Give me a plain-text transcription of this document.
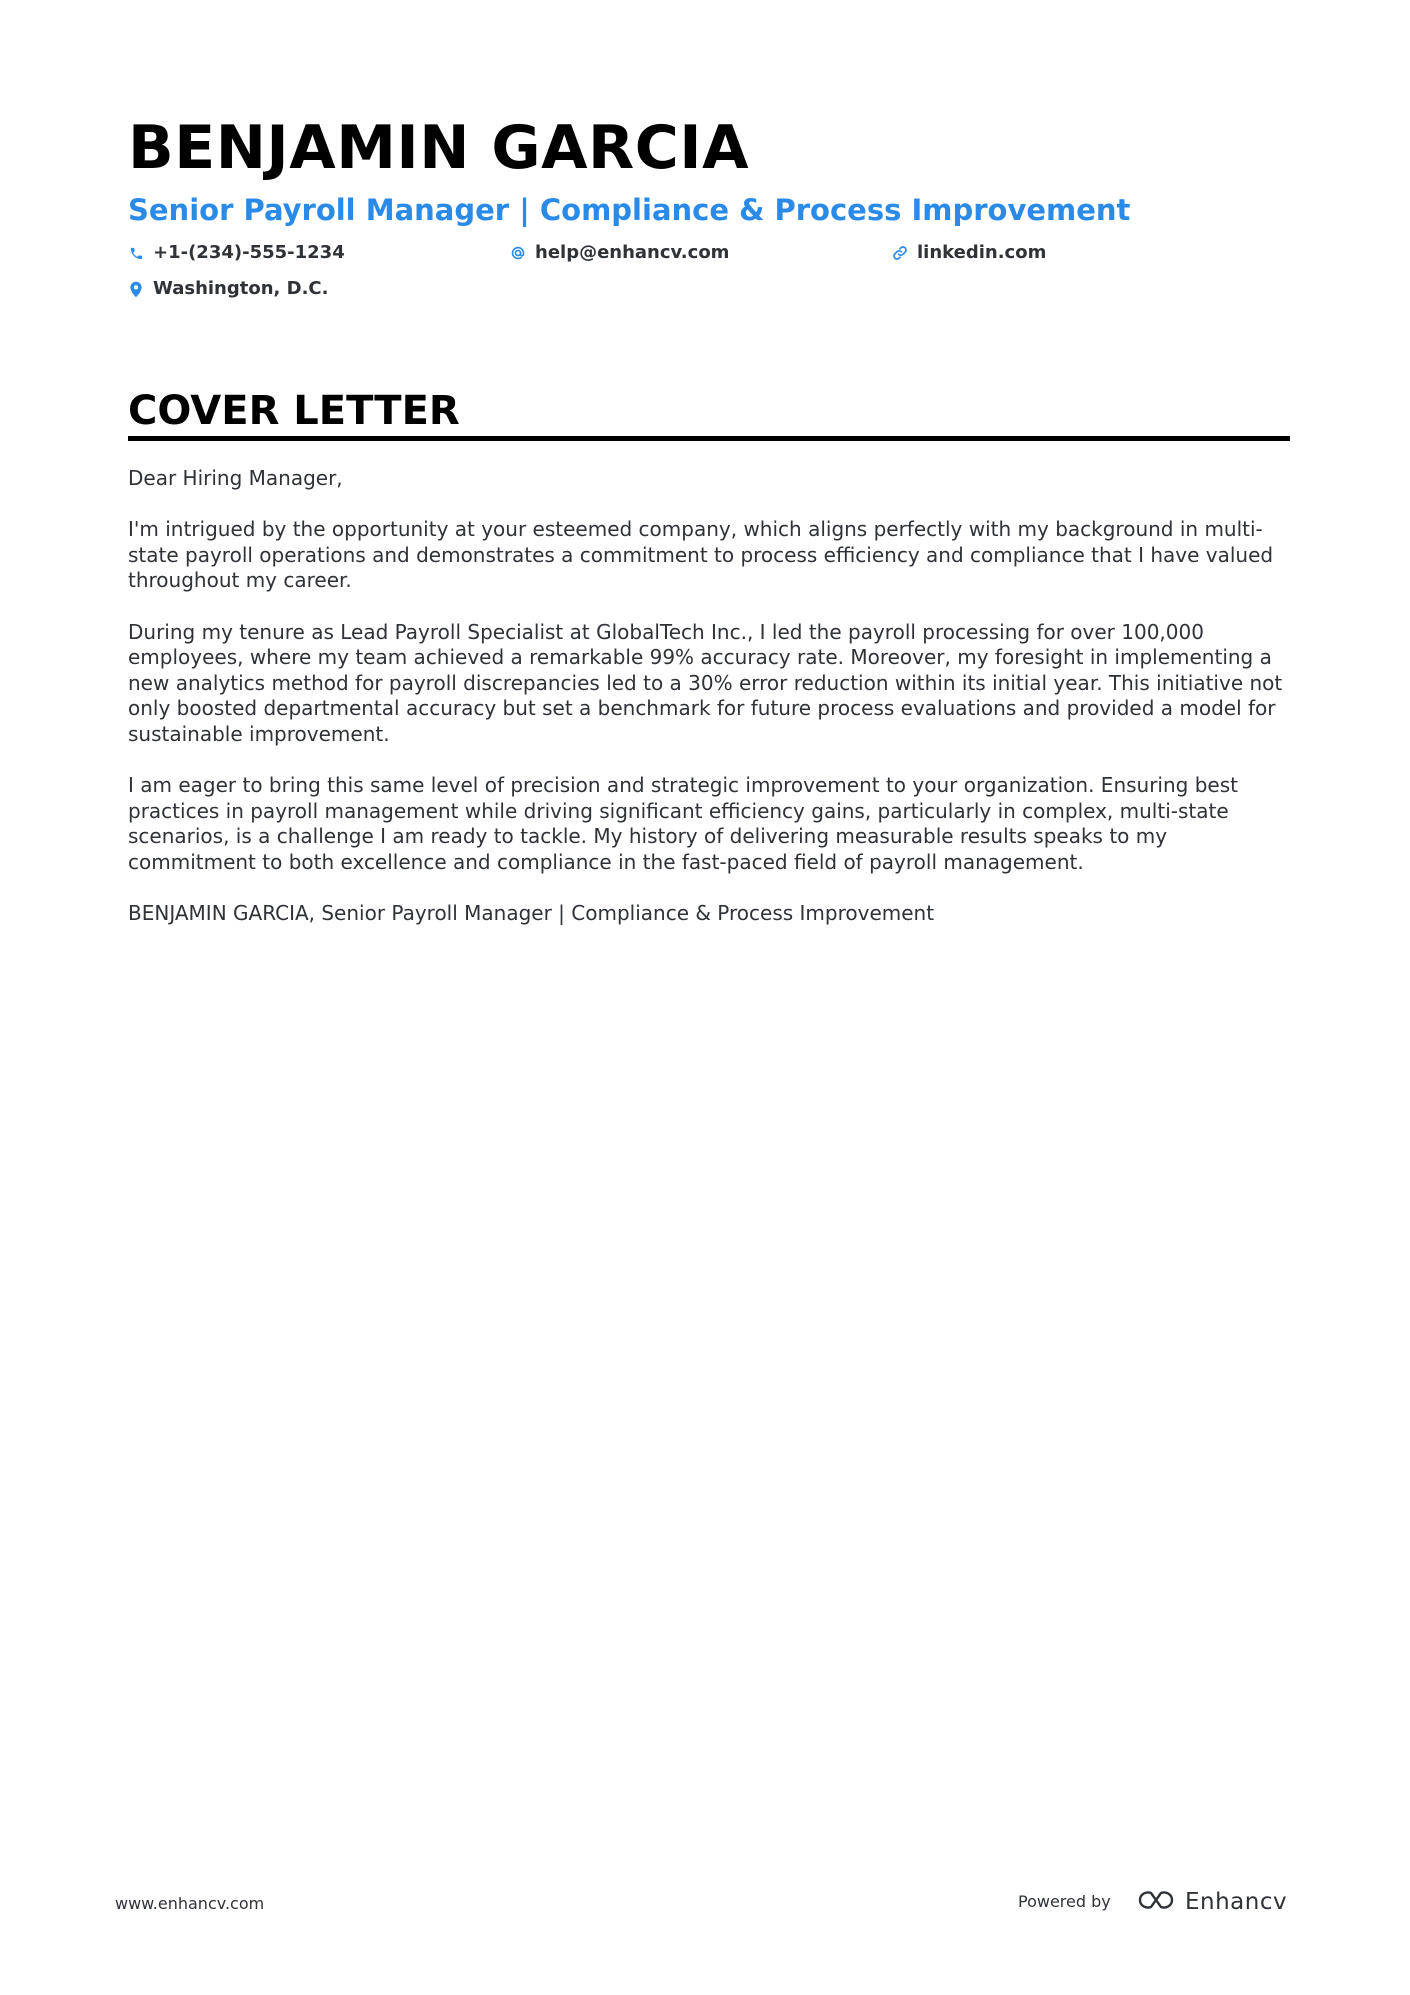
BENJAMIN GARCIA
Senior Payroll Manager | Compliance & Process Improvement
+1-(234)-555-1234	help@enhancv.com	linkedin.com
Washington, D.C.
COVER LETTER

Dear Hiring Manager,

I'm intrigued by the opportunity at your esteemed company, which aligns perfectly with my background in multi-state payroll operations and demonstrates a commitment to process efficiency and compliance that I have valued throughout my career.

During my tenure as Lead Payroll Specialist at GlobalTech Inc., I led the payroll processing for over 100,000 employees, where my team achieved a remarkable 99% accuracy rate. Moreover, my foresight in implementing a new analytics method for payroll discrepancies led to a 30% error reduction within its initial year. This initiative not only boosted departmental accuracy but set a benchmark for future process evaluations and provided a model for sustainable improvement.

I am eager to bring this same level of precision and strategic improvement to your organization. Ensuring best practices in payroll management while driving significant efficiency gains, particularly in complex, multi-state scenarios, is a challenge I am ready to tackle. My history of delivering measurable results speaks to my commitment to both excellence and compliance in the fast-paced field of payroll management.

BENJAMIN GARCIA, Senior Payroll Manager | Compliance & Process Improvement

www.enhancv.com	Powered by	Enhancv
